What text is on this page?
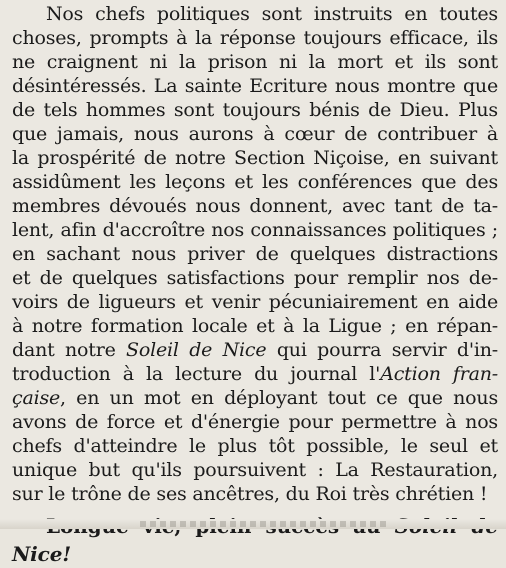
Nos chefs politiques sont instruits en toutes
choses, prompts à la réponse toujours efficace, ils
ne craignent ni la prison ni la mort et ils sont
désintéressés. La sainte Ecriture nous montre que
de tels hommes sont toujours bénis de Dieu. Plus
que jamais, nous aurons à cœur de contribuer à
la prospérité de notre Section Niçoise, en suivant
assidûment les leçons et les conférences que des
membres dévoués nous donnent, avec tant de ta-
lent, afin d'accroître nos connaissances politiques ;
en sachant nous priver de quelques distractions
et de quelques satisfactions pour remplir nos de-
voirs de ligueurs et venir pécuniairement en aide
à notre formation locale et à la Ligue ; en répan-
dant notre Soleil de Nice qui pourra servir d'in-
troduction à la lecture du journal l'Action fran-
çaise, en un mot en déployant tout ce que nous
avons de force et d'énergie pour permettre à nos
chefs d'atteindre le plus tôt possible, le seul et
unique but qu'ils poursuivent : La Restauration,
sur le trône de ses ancêtres, du Roi très chrétien !
Nice!
